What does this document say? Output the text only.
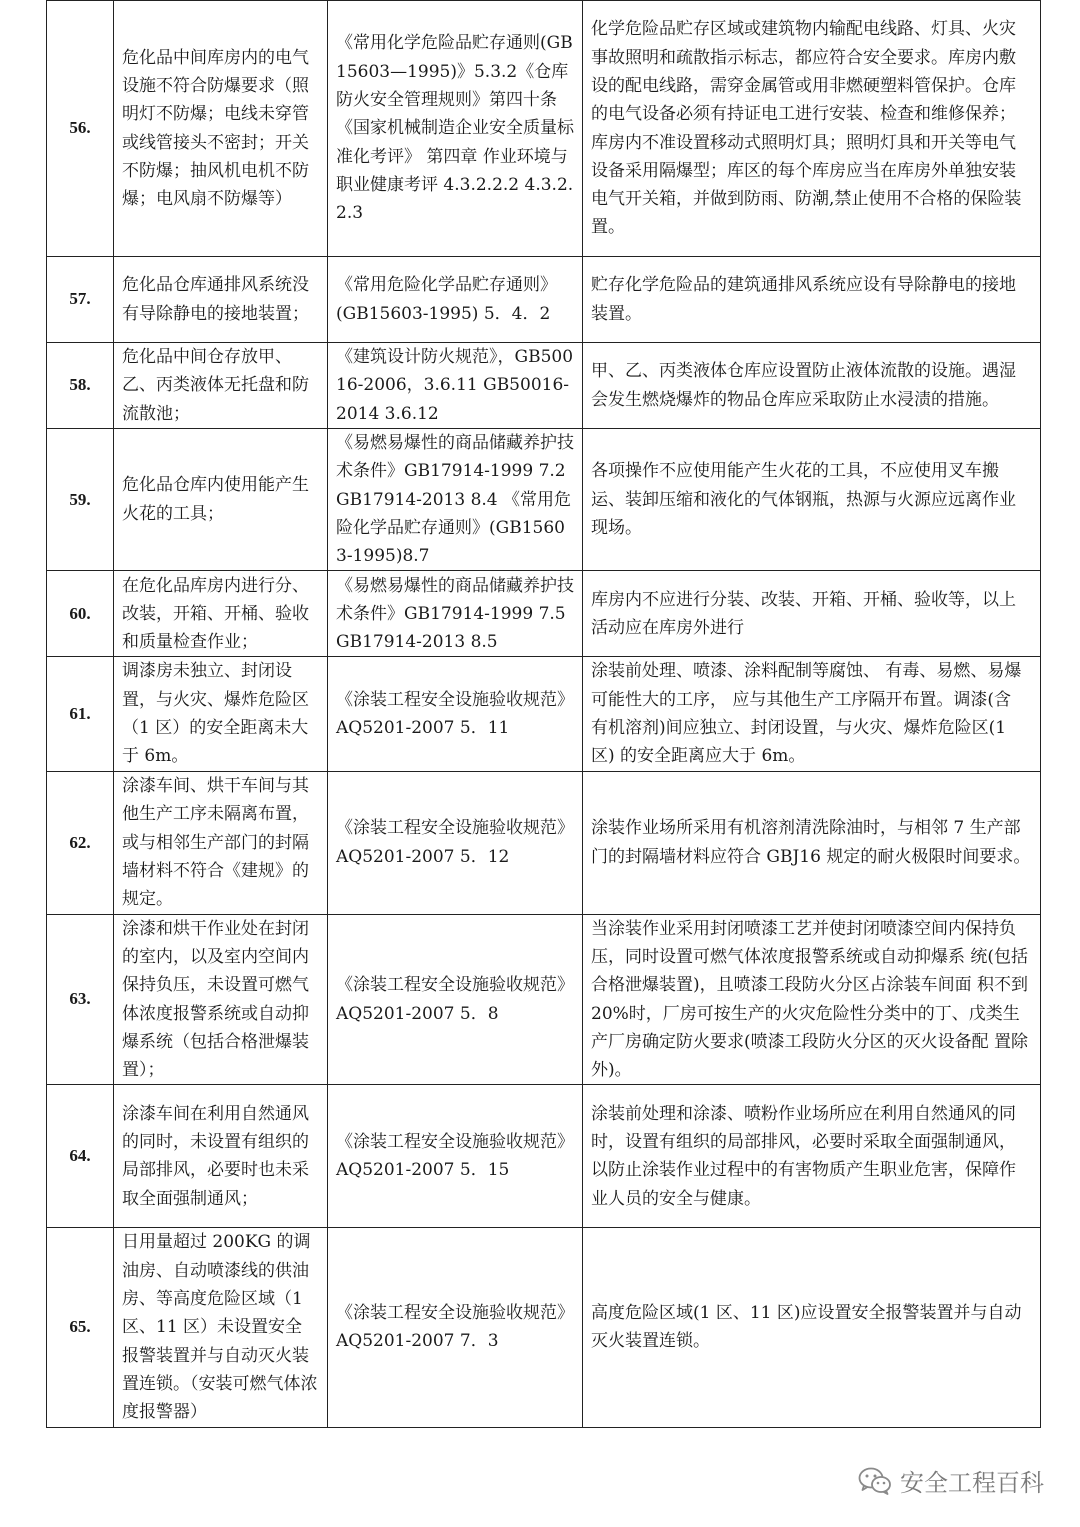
56.	危化品中间库房内的电气设施不符合防爆要求（照明灯不防爆；电线未穿管或线管接头不密封；开关不防爆；抽风机电机不防爆；电风扇不防爆等）	《常用化学危险品贮存通则(GB15603—1995)》5.3.2《仓库防火安全管理规则》第四十条《国家机械制造企业安全质量标准化考评》 第四章 作业环境与职业健康考评 4.3.2.2.2 4.3.2.2.3	化学危险品贮存区域或建筑物内输配电线路、灯具、火灾事故照明和疏散指示标志，都应符合安全要求。库房内敷设的配电线路，需穿金属管或用非燃硬塑料管保护。仓库的电气设备必须有持证电工进行安装、检查和维修保养；库房内不准设置移动式照明灯具；照明灯具和开关等电气设备采用隔爆型；库区的每个库房应当在库房外单独安装电气开关箱，并做到防雨、防潮,禁止使用不合格的保险装置。
57.	危化品仓库通排风系统没有导除静电的接地装置；	《常用危险化学品贮存通则》(GB15603-1995) 5．4．2	贮存化学危险品的建筑通排风系统应设有导除静电的接地装置。
58.	危化品中间仓存放甲、乙、丙类液体无托盘和防流散池；	《建筑设计防火规范》，GB50016-2006，3.6.11 GB50016-2014 3.6.12	甲、乙、丙类液体仓库应设置防止液体流散的设施。遇湿会发生燃烧爆炸的物品仓库应采取防止水浸渍的措施。
59.	危化品仓库内使用能产生火花的工具；	《易燃易爆性的商品储藏养护技术条件》GB17914-1999 7.2 GB17914-2013 8.4 《常用危险化学品贮存通则》(GB15603-1995)8.7	各项操作不应使用能产生火花的工具，不应使用叉车搬运、装卸压缩和液化的气体钢瓶，热源与火源应远离作业现场。
60.	在危化品库房内进行分、改装，开箱、开桶、验收和质量检查作业；	《易燃易爆性的商品储藏养护技术条件》GB17914-1999 7.5 GB17914-2013 8.5	库房内不应进行分装、改装、开箱、开桶、验收等，以上活动应在库房外进行
61.	调漆房未独立、封闭设置，与火灾、爆炸危险区（1 区）的安全距离未大于 6m。	《涂装工程安全设施验收规范》AQ5201-2007 5．11	涂装前处理、喷漆、涂料配制等腐蚀、 有毒、易燃、易爆可能性大的工序， 应与其他生产工序隔开布置。调漆(含 有机溶剂)间应独立、封闭设置，与火灾、爆炸危险区(1 区) 的安全距离应大于 6m。
62.	涂漆车间、烘干车间与其他生产工序未隔离布置，或与相邻生产部门的封隔墙材料不符合《建规》的规定。	《涂装工程安全设施验收规范》AQ5201-2007 5．12	涂装作业场所采用有机溶剂清洗除油时，与相邻 7 生产部门的封隔墙材料应符合 GBJ16 规定的耐火极限时间要求。
63.	涂漆和烘干作业处在封闭的室内，以及室内空间内保持负压，未设置可燃气体浓度报警系统或自动抑爆系统（包括合格泄爆装置）；	《涂装工程安全设施验收规范》AQ5201-2007 5．8	当涂装作业采用封闭喷漆工艺并使封闭喷漆空间内保持负压，同时设置可燃气体浓度报警系统或自动抑爆系 统(包括合格泄爆装置)，且喷漆工段防火分区占涂装车间面 积不到 20%时，厂房可按生产的火灾危险性分类中的丁、戊类生产厂房确定防火要求(喷漆工段防火分区的灭火设备配 置除外)。
64.	涂漆车间在利用自然通风的同时，未设置有组织的局部排风，必要时也未采取全面强制通风；	《涂装工程安全设施验收规范》AQ5201-2007 5．15	涂装前处理和涂漆、喷粉作业场所应在利用自然通风的同时，设置有组织的局部排风，必要时采取全面强制通风，以防止涂装作业过程中的有害物质产生职业危害，保障作业人员的安全与健康。
65.	日用量超过 200KG 的调油房、自动喷漆线的供油房、等高度危险区域（1 区、11 区）未设置安全报警装置并与自动灭火装置连锁。（安装可燃气体浓度报警器）	《涂装工程安全设施验收规范》AQ5201-2007 7．3	高度危险区域(1 区、11 区)应设置安全报警装置并与自动灭火装置连锁。
安全工程百科
